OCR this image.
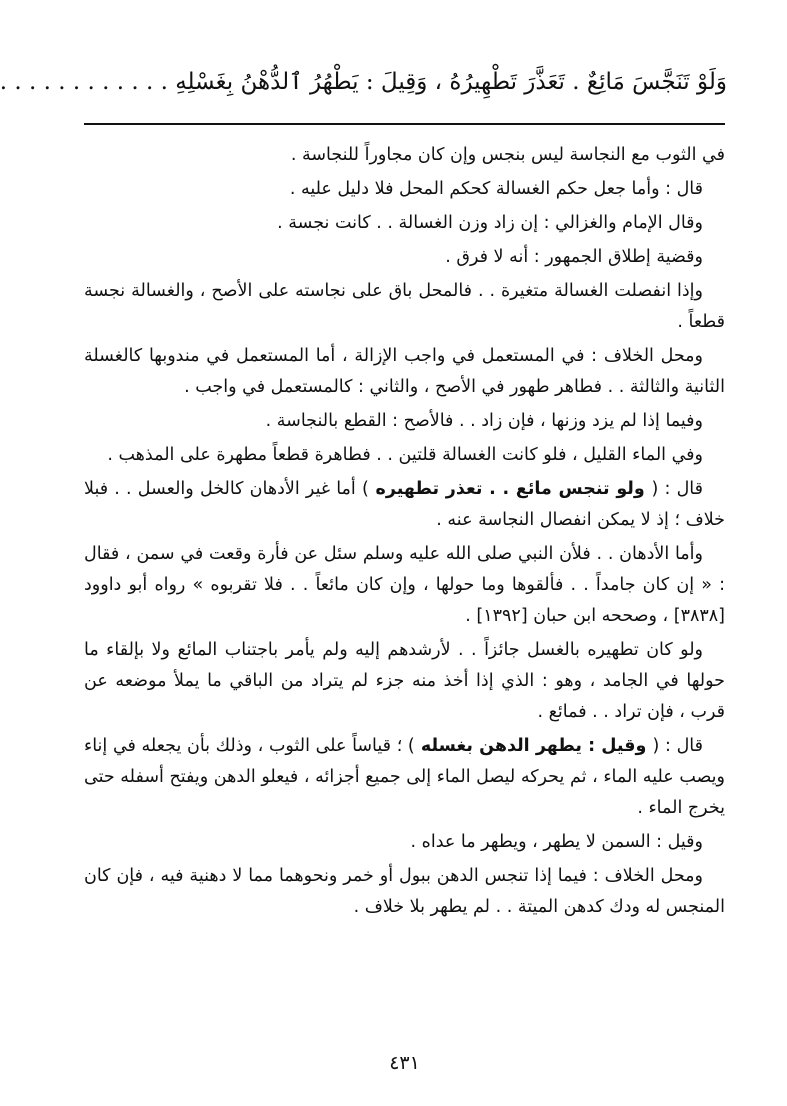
وَلَوْ تَنَجَّسَ مَائِعٌ . تَعَذَّرَ تَطْهِيرُهُ ، وَقِيلَ : يَطْهُرُ ٱلدُّهْنُ بِغَسْلِهِ . . . . . . . . . . . .

في الثوب مع النجاسة ليس بنجس وإن كان مجاوراً للنجاسة .

قال : وأما جعل حكم الغسالة كحكم المحل فلا دليل عليه .

وقال الإمام والغزالي : إن زاد وزن الغسالة . . كانت نجسة .

وقضية إطلاق الجمهور : أنه لا فرق .

وإذا انفصلت الغسالة متغيرة . . فالمحل باق على نجاسته على الأصح ، والغسالة نجسة قطعاً .

ومحل الخلاف : في المستعمل في واجب الإزالة ، أما المستعمل في مندوبها كالغسلة الثانية والثالثة . . فطاهر طهور في الأصح ، والثاني : كالمستعمل في واجب .

وفيما إذا لم يزد وزنها ، فإن زاد . . فالأصح : القطع بالنجاسة .

وفي الماء القليل ، فلو كانت الغسالة قلتين . . فطاهرة قطعاً مطهرة على المذهب .

قال : ( ولو تنجس مائع . . تعذر تطهيره ) أما غير الأدهان كالخل والعسل . . فبلا خلاف ؛ إذ لا يمكن انفصال النجاسة عنه .

وأما الأدهان . . فلأن النبي صلى الله عليه وسلم سئل عن فأرة وقعت في سمن ، فقال : « إن كان جامداً . . فألقوها وما حولها ، وإن كان مائعاً . . فلا تقربوه » رواه أبو داوود [٣٨٣٨] ، وصححه ابن حبان [١٣٩٢] .

ولو كان تطهيره بالغسل جائزاً . . لأرشدهم إليه ولم يأمر باجتناب المائع ولا بإلقاء ما حولها في الجامد ، وهو : الذي إذا أخذ منه جزء لم يتراد من الباقي ما يملأ موضعه عن قرب ، فإن تراد . . فمائع .

قال : ( وقيل : يطهر الدهن بغسله ) ؛ قياساً على الثوب ، وذلك بأن يجعله في إناء ويصب عليه الماء ، ثم يحركه ليصل الماء إلى جميع أجزائه ، فيعلو الدهن ويفتح أسفله حتى يخرج الماء .

وقيل : السمن لا يطهر ، ويطهر ما عداه .

ومحل الخلاف : فيما إذا تنجس الدهن ببول أو خمر ونحوهما مما لا دهنية فيه ، فإن كان المنجس له ودك كدهن الميتة . . لم يطهر بلا خلاف .

٤٣١
